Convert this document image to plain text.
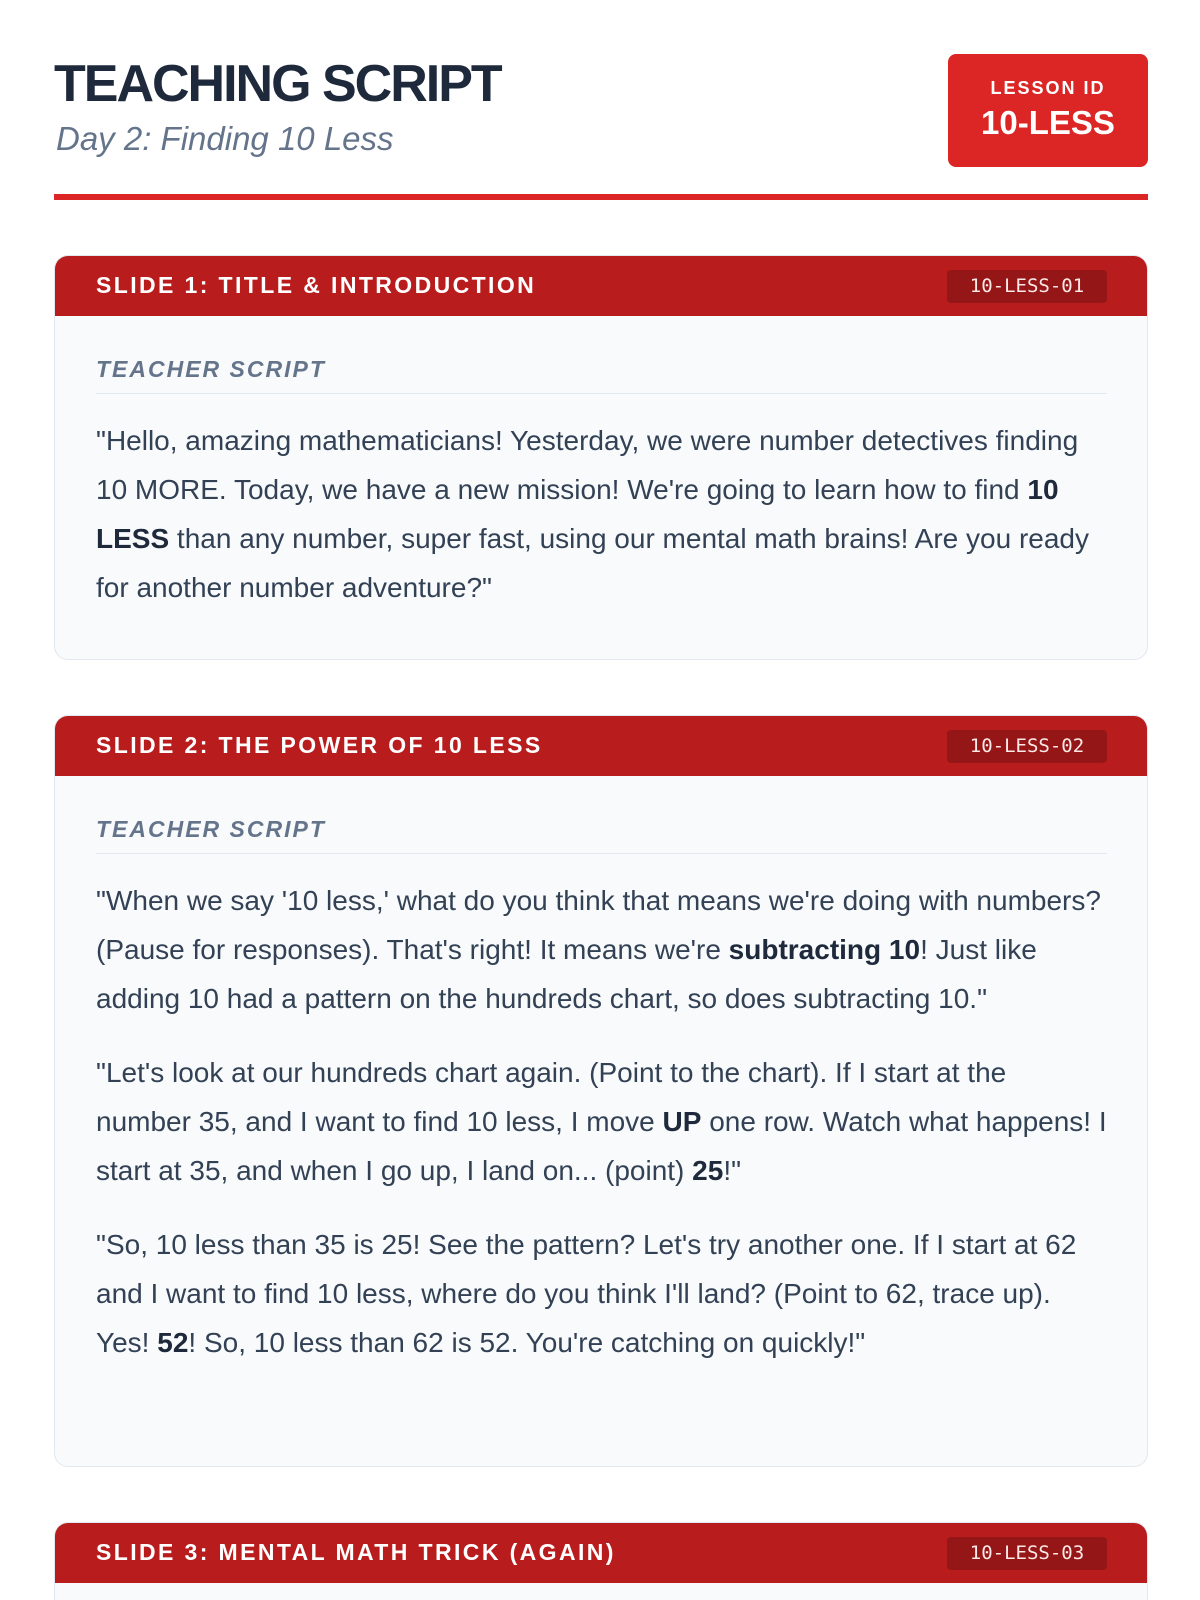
TEACHING SCRIPT
Day 2: Finding 10 Less
LESSON ID
10-LESS
SLIDE 1: TITLE & INTRODUCTION	10-LESS-01
TEACHER SCRIPT
"Hello, amazing mathematicians! Yesterday, we were number detectives finding 10 MORE. Today, we have a new mission! We're going to learn how to find 10 LESS than any number, super fast, using our mental math brains! Are you ready for another number adventure?"
SLIDE 2: THE POWER OF 10 LESS	10-LESS-02
TEACHER SCRIPT
"When we say '10 less,' what do you think that means we're doing with numbers? (Pause for responses). That's right! It means we're subtracting 10! Just like adding 10 had a pattern on the hundreds chart, so does subtracting 10."
"Let's look at our hundreds chart again. (Point to the chart). If I start at the number 35, and I want to find 10 less, I move UP one row. Watch what happens! I start at 35, and when I go up, I land on... (point) 25!"
"So, 10 less than 35 is 25! See the pattern? Let's try another one. If I start at 62 and I want to find 10 less, where do you think I'll land? (Point to 62, trace up). Yes! 52! So, 10 less than 62 is 52. You're catching on quickly!"
SLIDE 3: MENTAL MATH TRICK (AGAIN)	10-LESS-03
